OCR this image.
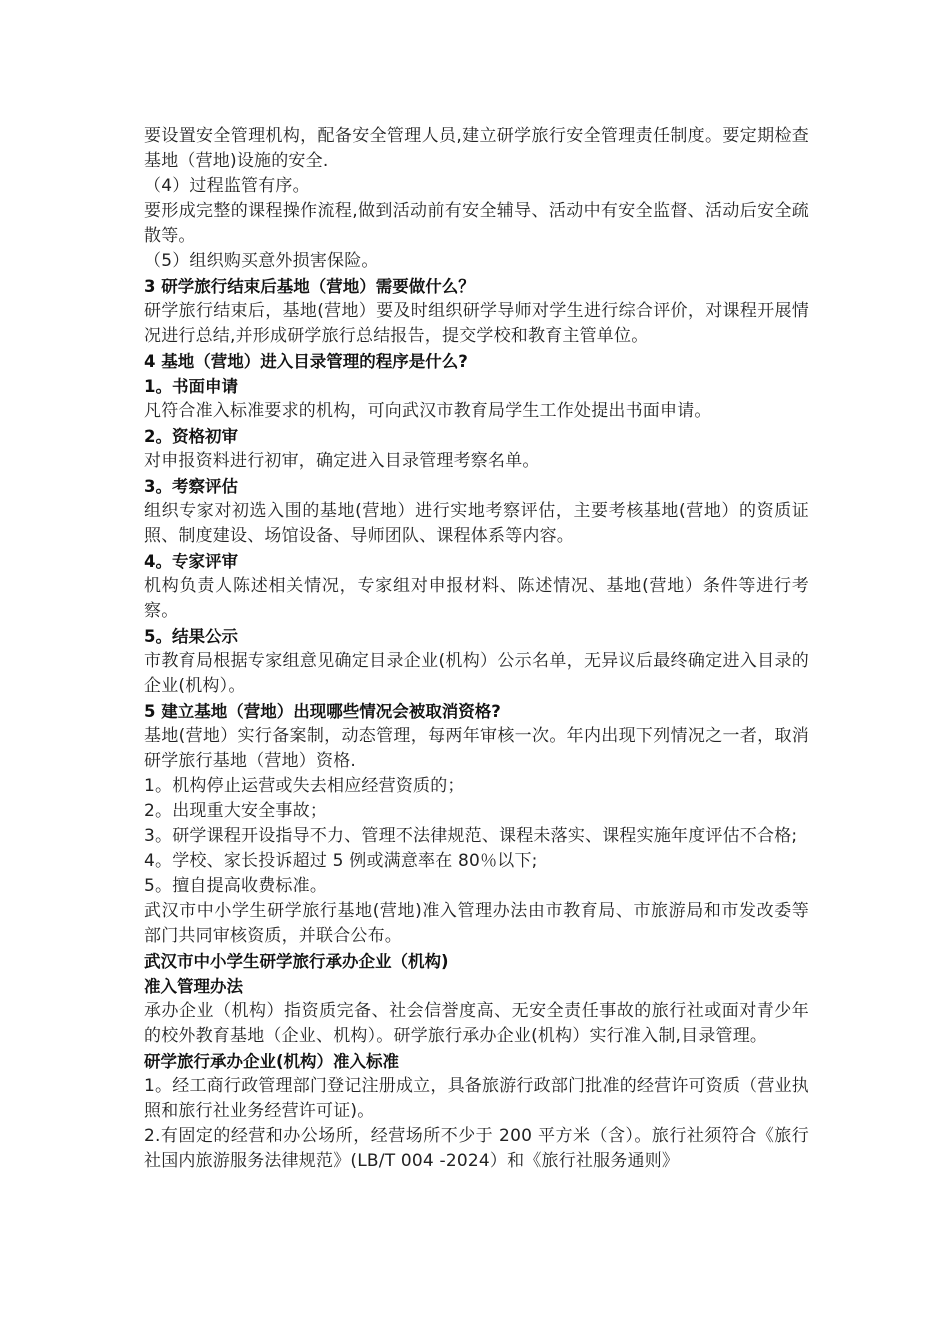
要设置安全管理机构，配备安全管理人员,建立研学旅行安全管理责任制度。要定期检查基地（营地)设施的安全.

（4）过程监管有序。

要形成完整的课程操作流程,做到活动前有安全辅导、活动中有安全监督、活动后安全疏散等。

（5）组织购买意外损害保险。

3 研学旅行结束后基地（营地）需要做什么？

研学旅行结束后，基地(营地）要及时组织研学导师对学生进行综合评价，对课程开展情况进行总结,并形成研学旅行总结报告，提交学校和教育主管单位。

4 基地（营地）进入目录管理的程序是什么?

1。书面申请

凡符合准入标准要求的机构，可向武汉市教育局学生工作处提出书面申请。

2。资格初审

对申报资料进行初审，确定进入目录管理考察名单。

3。考察评估

组织专家对初选入围的基地(营地）进行实地考察评估，主要考核基地(营地）的资质证照、制度建设、场馆设备、导师团队、课程体系等内容。

4。专家评审

机构负责人陈述相关情况，专家组对申报材料、陈述情况、基地(营地）条件等进行考察。

5。结果公示

市教育局根据专家组意见确定目录企业(机构）公示名单，无异议后最终确定进入目录的企业(机构）。

5 建立基地（营地）出现哪些情况会被取消资格?

基地(营地）实行备案制，动态管理，每两年审核一次。年内出现下列情况之一者，取消研学旅行基地（营地）资格.

1。机构停止运营或失去相应经营资质的；

2。出现重大安全事故；

3。研学课程开设指导不力、管理不法律规范、课程未落实、课程实施年度评估不合格;

4。学校、家长投诉超过 5 例或满意率在 80％以下;

5。擅自提高收费标准。

武汉市中小学生研学旅行基地(营地)准入管理办法由市教育局、市旅游局和市发改委等部门共同审核资质，并联合公布。

武汉市中小学生研学旅行承办企业（机构)

准入管理办法

承办企业（机构）指资质完备、社会信誉度高、无安全责任事故的旅行社或面对青少年的校外教育基地（企业、机构）。研学旅行承办企业(机构）实行准入制,目录管理。

研学旅行承办企业(机构）准入标准

1。经工商行政管理部门登记注册成立，具备旅游行政部门批准的经营许可资质（营业执照和旅行社业务经营许可证)。

2.有固定的经营和办公场所，经营场所不少于 200 平方米（含）。旅行社须符合《旅行社国内旅游服务法律规范》(LB/T 004 -2024）和《旅行社服务通则》
